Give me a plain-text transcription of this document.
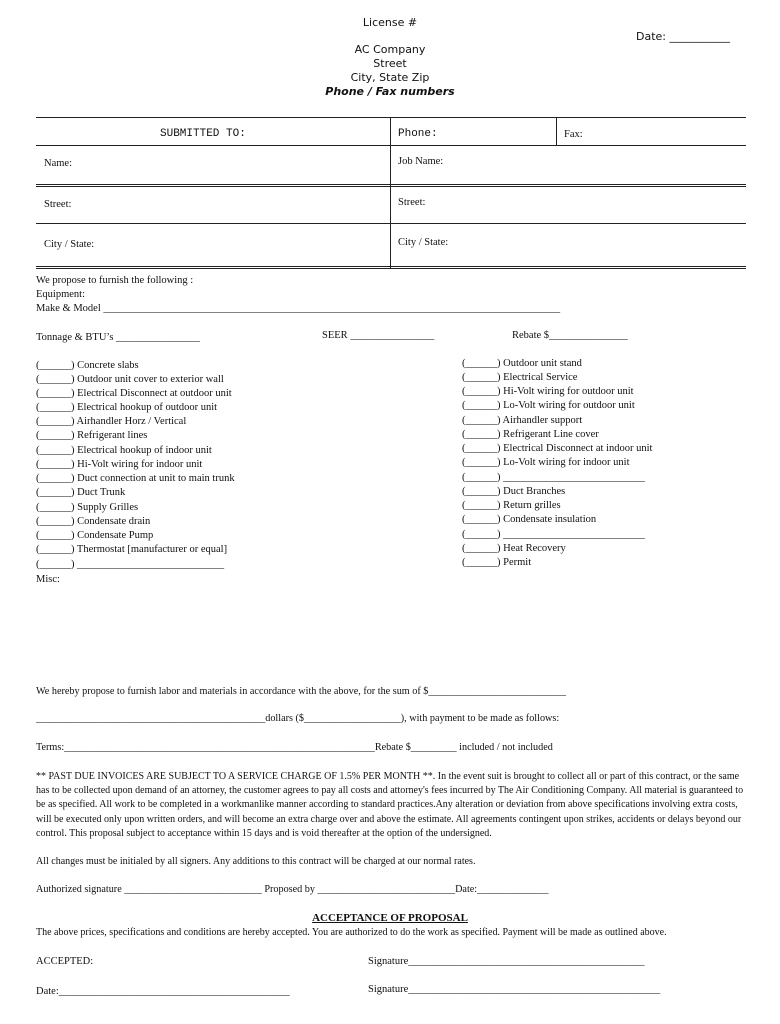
License #
AC Company
Street
City, State Zip
Phone / Fax numbers
Date: ___________
SUBMITTED TO:	Phone:	Fax:
Name:	Job Name:
Street:	Street:
City / State:	City / State:
We propose to furnish the following :
Equipment:
Make & Model _______________________________________________________________________________________
Tonnage & BTU’s ________________	SEER ________________	Rebate $_______________
(______) Concrete slabs
(______) Outdoor unit cover to exterior wall
(______) Electrical Disconnect at outdoor unit
(______) Electrical hookup of outdoor unit
(______) Airhandler Horz / Vertical
(______) Refrigerant lines
(______) Electrical hookup of indoor unit
(______) Hi-Volt wiring for indoor unit
(______) Duct connection at unit to main trunk
(______) Duct Trunk
(______) Supply Grilles
(______) Condensate drain
(______) Condensate Pump
(______) Thermostat [manufacturer or equal]
(______) ____________________________
(______) Outdoor unit stand
(______) Electrical Service
(______) Hi-Volt wiring for outdoor unit
(______) Lo-Volt wiring for outdoor unit
(______) Airhandler support
(______) Refrigerant Line cover
(______) Electrical Disconnect at indoor unit
(______) Lo-Volt wiring for indoor unit
(______) ___________________________
(______) Duct Branches
(______) Return grilles
(______) Condensate insulation
(______) ___________________________
(______) Heat Recovery
(______) Permit
Misc:
We hereby propose to furnish labor and materials in accordance with the above, for the sum of $___________________________
_____________________________________________dollars ($___________________), with payment to be made as follows:
Terms:_____________________________________________________________Rebate $_________ included / not included
** PAST DUE INVOICES ARE SUBJECT TO A SERVICE CHARGE OF 1.5% PER MONTH **. In the event suit is brought to collect all or part of this contract, or the same has to be collected upon demand of an attorney, the customer agrees to pay all costs and attorney's fees incurred by The Air Conditioning Company. All material is guaranteed to be as specified. All work to be completed in a workmanlike manner according to standard practices.Any alteration or deviation from above specifications involving extra costs, will be executed only upon written orders, and will become an extra charge over and above the estimate. All agreements contingent upon strikes, accidents or delays beyond our control. This proposal subject to acceptance within 15 days and is void thereafter at the option of the undersigned.
All changes must be initialed by all signers. Any additions to this contract will be charged at our normal rates.
Authorized signature ___________________________ Proposed by ___________________________Date:______________
ACCEPTANCE OF PROPOSAL
The above prices, specifications and conditions are hereby accepted. You are authorized to do the work as specified. Payment will be made as outlined above.
ACCEPTED:	Signature_____________________________________________
Date:____________________________________________	Signature________________________________________________
